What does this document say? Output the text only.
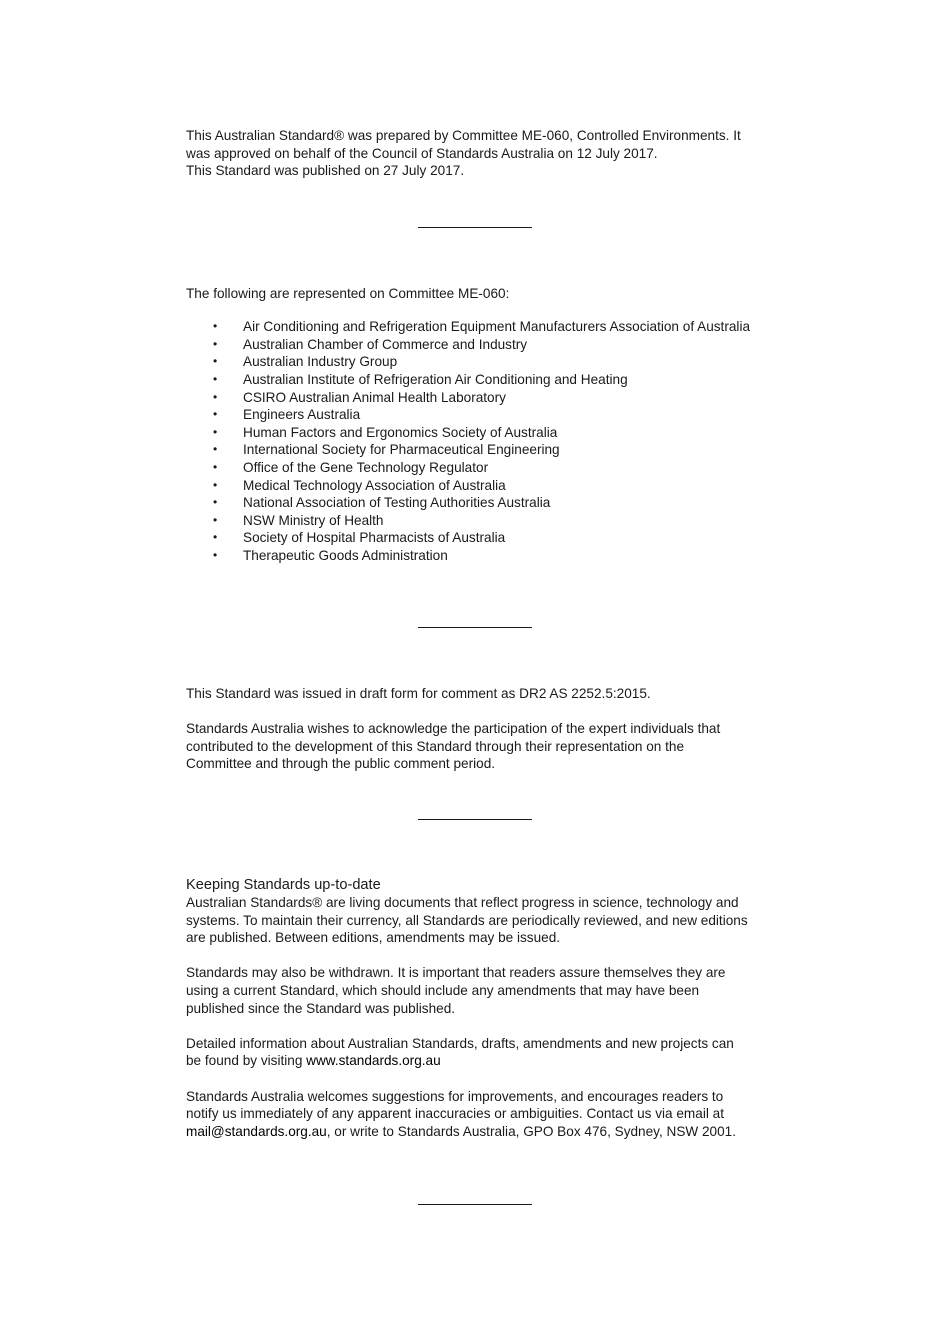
This Australian Standard® was prepared by Committee ME-060, Controlled Environments. It

was approved on behalf of the Council of Standards Australia on 12 July 2017.

This Standard was published on 27 July 2017.

The following are represented on Committee ME-060:

• Air Conditioning and Refrigeration Equipment Manufacturers Association of Australia
• Australian Chamber of Commerce and Industry
• Australian Industry Group
• Australian Institute of Refrigeration Air Conditioning and Heating
• CSIRO Australian Animal Health Laboratory
• Engineers Australia
• Human Factors and Ergonomics Society of Australia
• International Society for Pharmaceutical Engineering
• Office of the Gene Technology Regulator
• Medical Technology Association of Australia
• National Association of Testing Authorities Australia
• NSW Ministry of Health
• Society of Hospital Pharmacists of Australia
• Therapeutic Goods Administration

This Standard was issued in draft form for comment as DR2 AS 2252.5:2015.

Standards Australia wishes to acknowledge the participation of the expert individuals that

contributed to the development of this Standard through their representation on the

Committee and through the public comment period.

Keeping Standards up-to-date

Australian Standards® are living documents that reflect progress in science, technology and

systems. To maintain their currency, all Standards are periodically reviewed, and new editions

are published. Between editions, amendments may be issued.

Standards may also be withdrawn. It is important that readers assure themselves they are

using a current Standard, which should include any amendments that may have been

published since the Standard was published.

Detailed information about Australian Standards, drafts, amendments and new projects can

be found by visiting www.standards.org.au

Standards Australia welcomes suggestions for improvements, and encourages readers to

notify us immediately of any apparent inaccuracies or ambiguities. Contact us via email at

mail@standards.org.au, or write to Standards Australia, GPO Box 476, Sydney, NSW 2001.
